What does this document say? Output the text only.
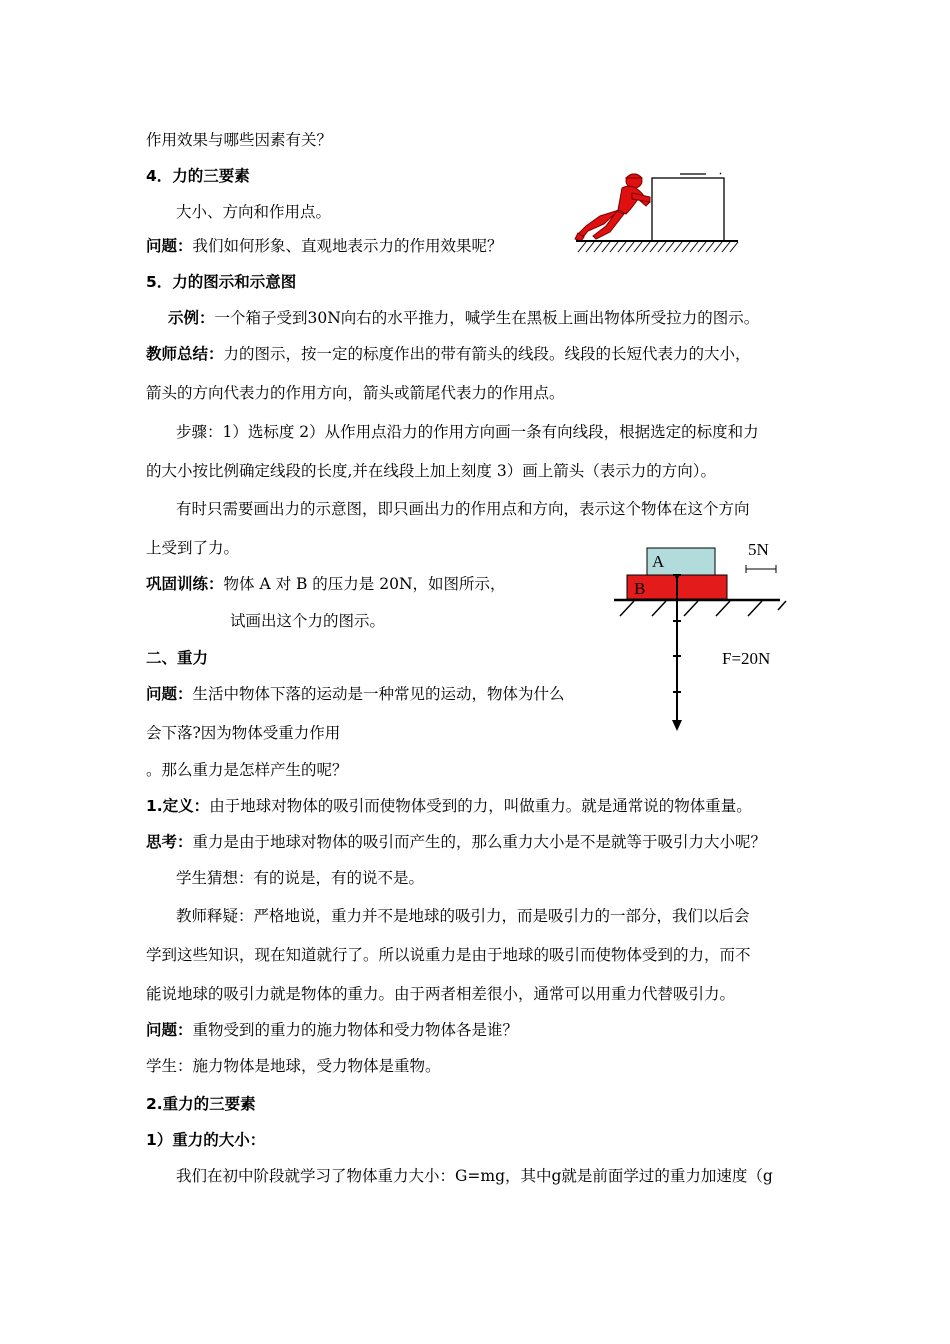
作用效果与哪些因素有关？
4．力的三要素
大小、方向和作用点。
问题：我们如何形象、直观地表示力的作用效果呢？
5．力的图示和示意图
示例：一个箱子受到30N向右的水平推力，喊学生在黑板上画出物体所受拉力的图示。
教师总结：力的图示，按一定的标度作出的带有箭头的线段。线段的长短代表力的大小，
箭头的方向代表力的作用方向，箭头或箭尾代表力的作用点。
步骤：1）选标度 2）从作用点沿力的作用方向画一条有向线段，根据选定的标度和力
的大小按比例确定线段的长度,并在线段上加上刻度 3）画上箭头（表示力的方向）。
有时只需要画出力的示意图，即只画出力的作用点和方向，表示这个物体在这个方向
上受到了力。
巩固训练：物体 A 对 B 的压力是 20N，如图所示，
试画出这个力的图示。
二、重力
问题：生活中物体下落的运动是一种常见的运动，物体为什么
会下落?因为物体受重力作用
。那么重力是怎样产生的呢？
1.定义：由于地球对物体的吸引而使物体受到的力，叫做重力。就是通常说的物体重量。
思考：重力是由于地球对物体的吸引而产生的，那么重力大小是不是就等于吸引力大小呢？
学生猜想：有的说是，有的说不是。
教师释疑：严格地说，重力并不是地球的吸引力，而是吸引力的一部分，我们以后会
学到这些知识，现在知道就行了。所以说重力是由于地球的吸引而使物体受到的力，而不
能说地球的吸引力就是物体的重力。由于两者相差很小，通常可以用重力代替吸引力。
问题：重物受到的重力的施力物体和受力物体各是谁？
学生：施力物体是地球，受力物体是重物。
2.重力的三要素
1）重力的大小：
我们在初中阶段就学习了物体重力大小：G=mg，其中g就是前面学过的重力加速度（g
5N
A
B
F=20N
